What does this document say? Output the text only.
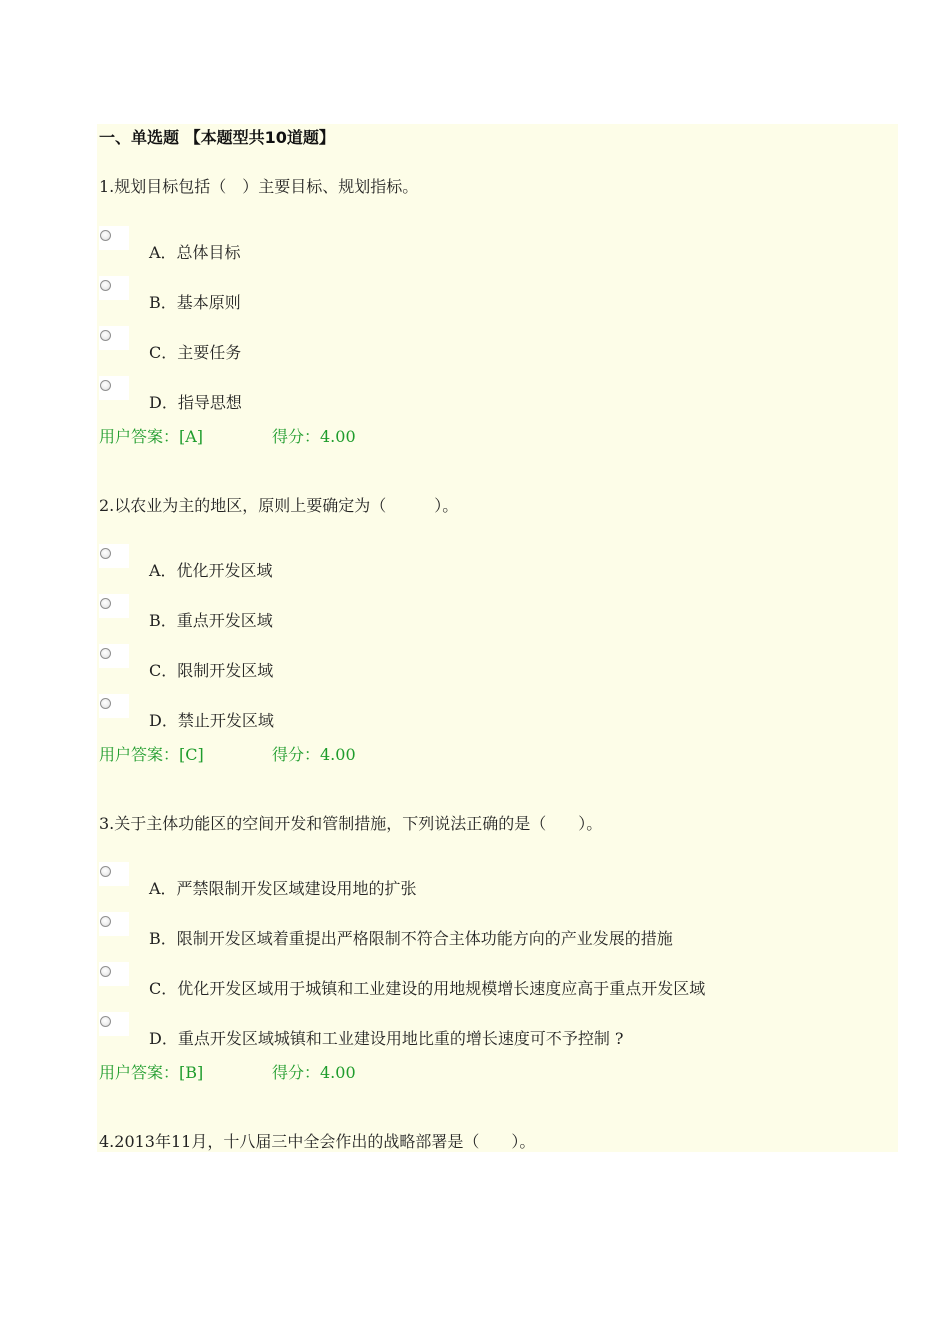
一、单选题 【本题型共10道题】
1.规划目标包括（　）主要目标、规划指标。
A．总体目标
B．基本原则
C．主要任务
D．指导思想
用户答案：[A]	得分：4.00
2.以农业为主的地区，原则上要确定为（　　　）。
A．优化开发区域
B．重点开发区域
C．限制开发区域
D．禁止开发区域
用户答案：[C]	得分：4.00
3.关于主体功能区的空间开发和管制措施，下列说法正确的是（　　）。
A．严禁限制开发区域建设用地的扩张
B．限制开发区域着重提出严格限制不符合主体功能方向的产业发展的措施
C．优化开发区域用于城镇和工业建设的用地规模增长速度应高于重点开发区域
D．重点开发区域城镇和工业建设用地比重的增长速度可不予控制 ?
用户答案：[B]	得分：4.00
4.2013年11月，十八届三中全会作出的战略部署是（　　）。
